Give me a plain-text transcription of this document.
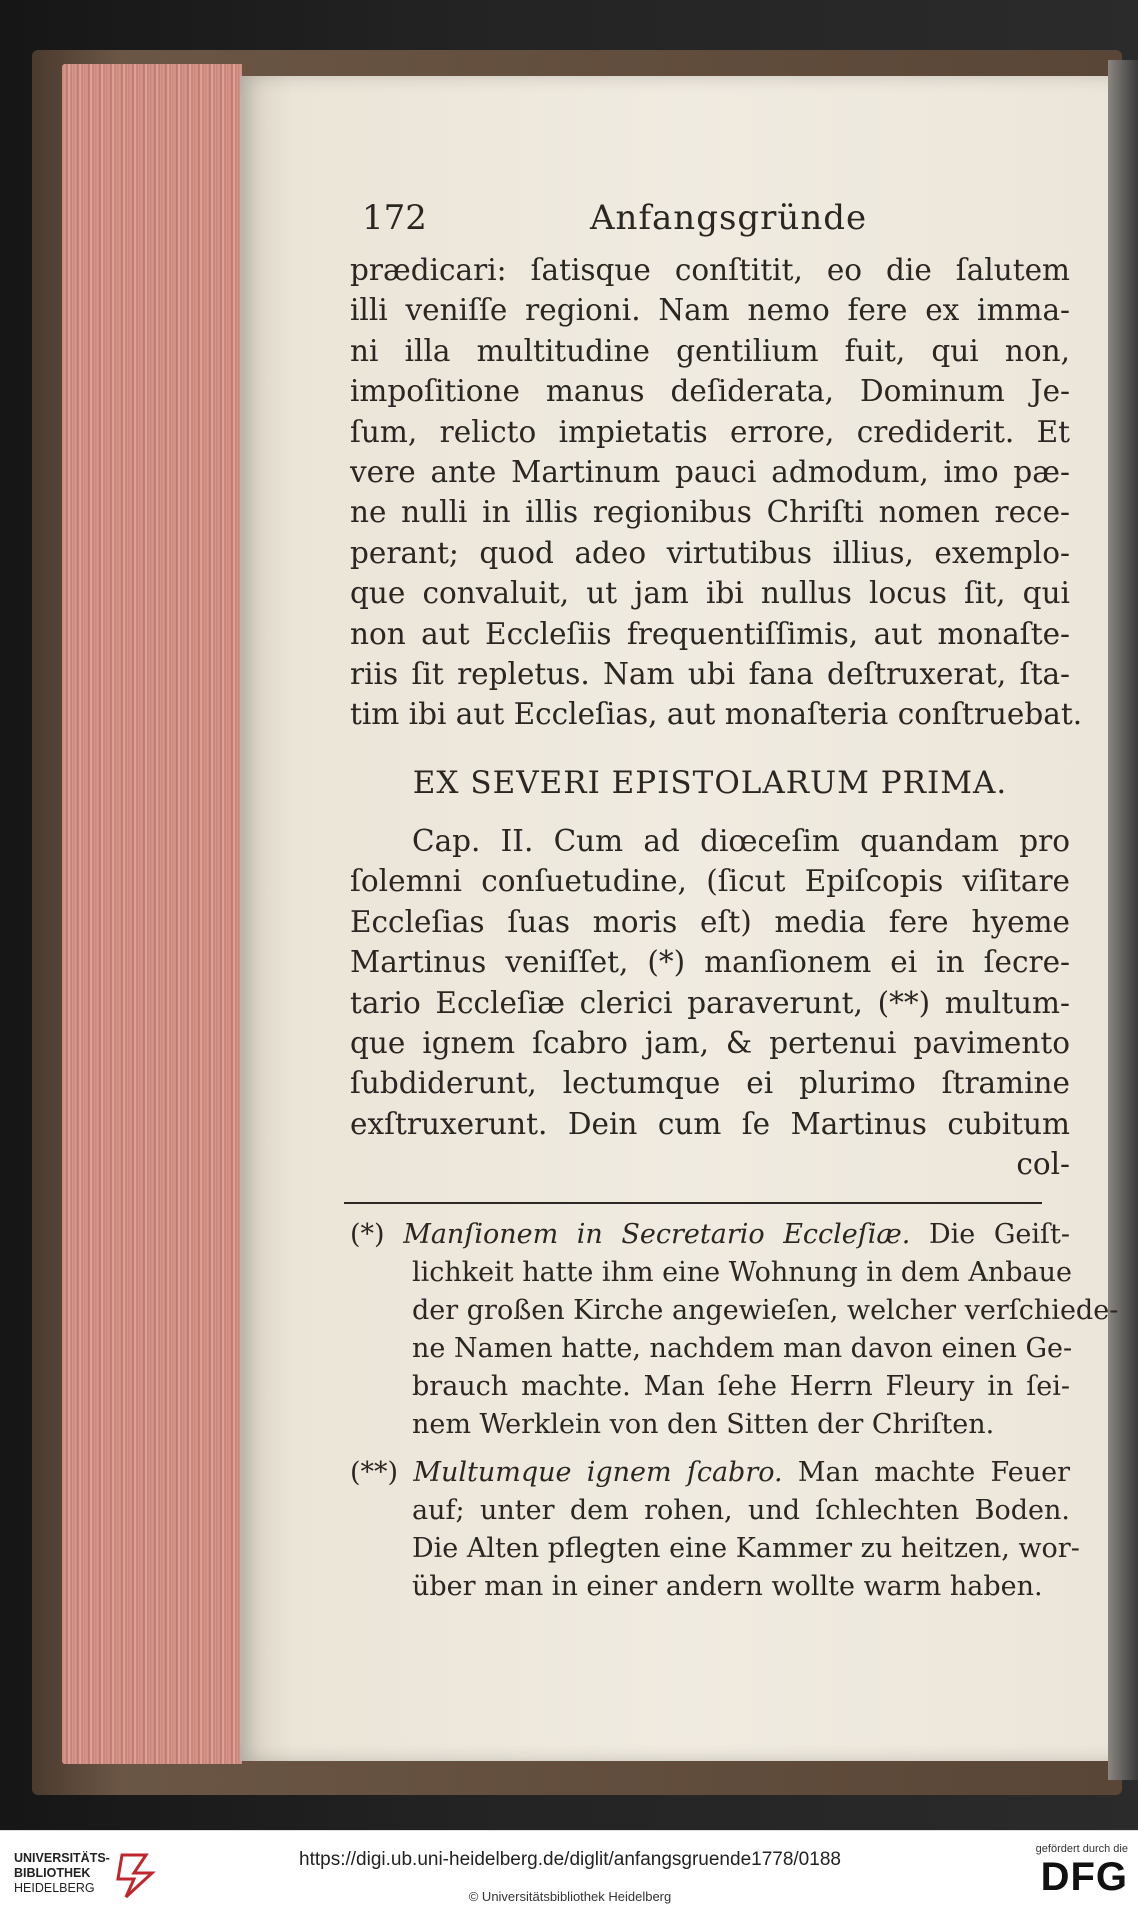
172	Anfangsgründe
prædicari: ſatisque conſtitit, eo die ſalutem
illi veniſſe regioni. Nam nemo fere ex imma-
ni illa multitudine gentilium fuit, qui non,
impoſitione manus deſiderata, Dominum Je-
ſum, relicto impietatis errore, crediderit. Et
vere ante Martinum pauci admodum, imo pæ-
ne nulli in illis regionibus Chriſti nomen rece-
perant; quod adeo virtutibus illius, exemplo-
que convaluit, ut jam ibi nullus locus ſit, qui
non aut Eccleſiis frequentiſſimis, aut monaſte-
riis ſit repletus. Nam ubi fana deſtruxerat, ſta-
tim ibi aut Eccleſias, aut monaſteria conſtruebat.
EX SEVERI EPISTOLARUM PRIMA.
Cap. II. Cum ad diœceſim quandam pro
ſolemni conſuetudine, (ſicut Epiſcopis viſitare
Eccleſias ſuas moris eſt) media fere hyeme
Martinus veniſſet, (*) manſionem ei in ſecre-
tario Eccleſiæ clerici paraverunt, (**) multum-
que ignem ſcabro jam, & pertenui pavimento
ſubdiderunt, lectumque ei plurimo ſtramine
exſtruxerunt. Dein cum ſe Martinus cubitum
col-
(*) Manſionem in Secretario Eccleſiæ. Die Geiſt-
lichkeit hatte ihm eine Wohnung in dem Anbaue
der großen Kirche angewieſen, welcher verſchiede-
ne Namen hatte, nachdem man davon einen Ge-
brauch machte. Man ſehe Herrn Fleury in ſei-
nem Werklein von den Sitten der Chriſten.
(**) Multumque ignem ſcabro. Man machte Feuer
auf; unter dem rohen, und ſchlechten Boden.
Die Alten pflegten eine Kammer zu heitzen, wor-
über man in einer andern wollte warm haben.
UNIVERSITÄTS-
BIBLIOTHEK
HEIDELBERG
https://digi.ub.uni-heidelberg.de/diglit/anfangsgruende1778/0188
© Universitätsbibliothek Heidelberg
gefördert durch die
DFG
